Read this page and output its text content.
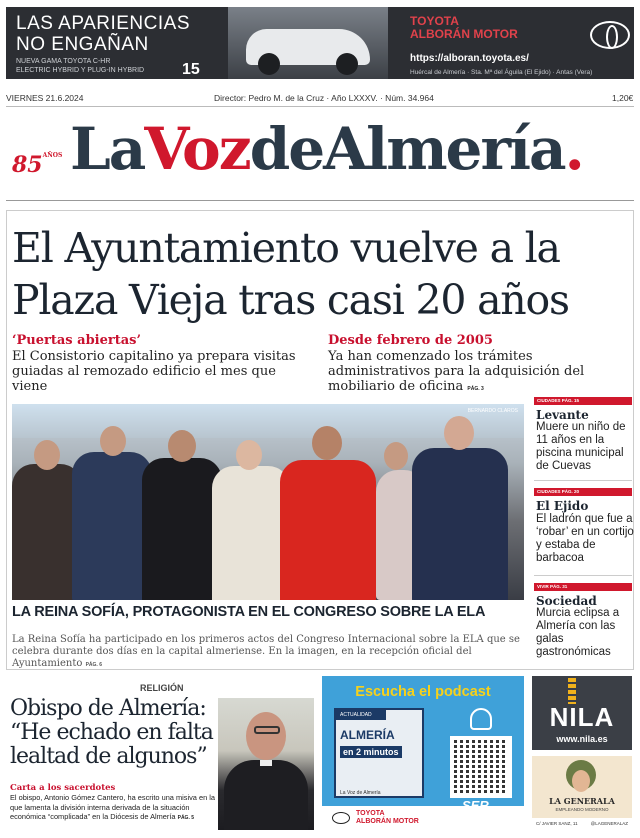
LAS APARIENCIAS
NO ENGAÑAN
NUEVA GAMA TOYOTA C-HR
ELECTRIC HYBRID Y PLUG-IN HYBRID 15
TOYOTA
ALBORÁN MOTOR
https://alboran.toyota.es/
Huércal de Almería · Sta. Mª del Águila (El Ejido) · Antas (Vera)
VIERNES 21.6.2024	Director: Pedro M. de la Cruz · Año LXXXV. · Núm. 34.964	1,20€
$85^{AÑOS}$ LaVozdeAlmería.
El Ayuntamiento vuelve a la
Plaza Vieja tras casi 20 años
‘Puertas abiertas’
El Consistorio capitalino ya prepara visitas guiadas al remozado edificio el mes que viene
Desde febrero de 2005
Ya han comenzado los trámites administrativos para la adquisición del mobiliario de oficina PÁG. 3
BERNARDO CLAROS
LA REINA SOFÍA, PROTAGONISTA EN EL CONGRESO SOBRE LA ELA
La Reina Sofía ha participado en los primeros actos del Congreso Internacional sobre la ELA que se celebra durante dos días en la capital almeriense. En la imagen, en la recepción oficial del Ayuntamiento PÁG. 6
CIUDADES PÁG. 15
Levante
Muere un niño de 11 años en la piscina municipal de Cuevas
CIUDADES PÁG. 20
El Ejido
El ladrón que fue a ‘robar’ en un cortijo y estaba de barbacoa
VIVIR PÁG. 31
Sociedad
Murcia eclipsa a Almería con las galas gastronómicas
RELIGIÓN
Obispo de Almería:
“He echado en falta
lealtad de algunos”
Carta a los sacerdotes
El obispo, Antonio Gómez Cantero, ha escrito una misiva en la que lamenta la división interna derivada de la situación económica “complicada” en la Diócesis de Almería PÁG. 5
Escucha el podcast
ACTUALIDAD
ALMERÍA
en 2 minutos
La Voz de Almería
TOYOTA
ALBORÁN MOTOR
NILA
www.nila.es
LA GENERALA
EMPLEANDO MODERNO
C/ JAVIER SANZ, 11	@LAGENERALAZ
